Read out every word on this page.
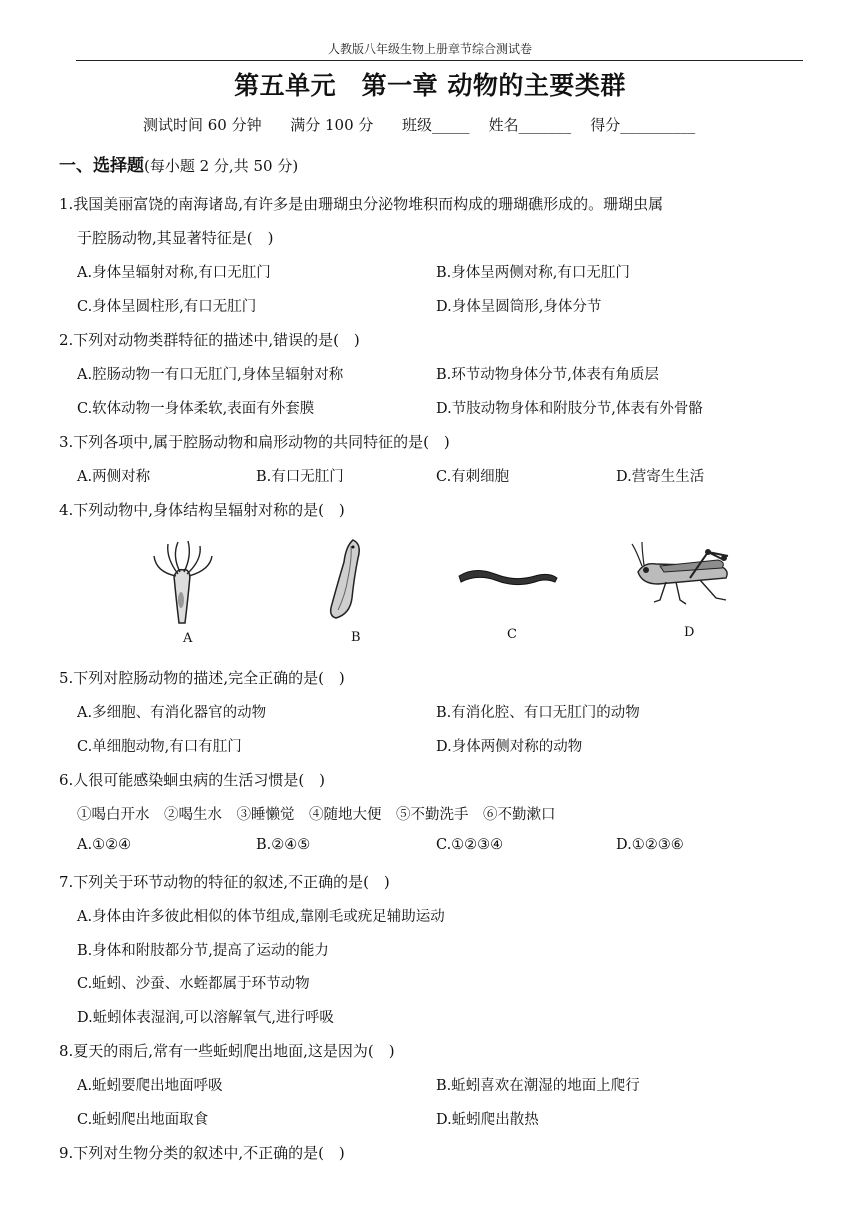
人教版八年级生物上册章节综合测试卷
第五单元　第一章 动物的主要类群
测试时间 60 分钟
满分 100 分
班级_____
姓名_______
得分__________
一、选择题(每小题 2 分,共 50 分)
1.我国美丽富饶的南海诸岛,有许多是由珊瑚虫分泌物堆积而构成的珊瑚礁形成的。珊瑚虫属
于腔肠动物,其显著特征是(　)
A.身体呈辐射对称,有口无肛门	B.身体呈两侧对称,有口无肛门
C.身体呈圆柱形,有口无肛门	D.身体呈圆筒形,身体分节
2.下列对动物类群特征的描述中,错误的是(　)
A.腔肠动物一有口无肛门,身体呈辐射对称	B.环节动物身体分节,体表有角质层
C.软体动物一身体柔软,表面有外套膜	D.节肢动物身体和附肢分节,体表有外骨骼
3.下列各项中,属于腔肠动物和扁形动物的共同特征的是(　)
A.两侧对称	B.有口无肛门	C.有刺细胞	D.营寄生生活
4.下列动物中,身体结构呈辐射对称的是(　)
A	B	C	D
5.下列对腔肠动物的描述,完全正确的是(　)
A.多细胞、有消化器官的动物	B.有消化腔、有口无肛门的动物
C.单细胞动物,有口有肛门	D.身体两侧对称的动物
6.人很可能感染蛔虫病的生活习惯是(　)
①喝白开水　②喝生水　③睡懒觉　④随地大便　⑤不勤洗手　⑥不勤漱口
A.①②④	B.②④⑤	C.①②③④	D.①②③⑥
7.下列关于环节动物的特征的叙述,不正确的是(　)
A.身体由许多彼此相似的体节组成,靠刚毛或疣足辅助运动
B.身体和附肢都分节,提高了运动的能力
C.蚯蚓、沙蚕、水蛭都属于环节动物
D.蚯蚓体表湿润,可以溶解氧气,进行呼吸
8.夏天的雨后,常有一些蚯蚓爬出地面,这是因为(　)
A.蚯蚓要爬出地面呼吸	B.蚯蚓喜欢在潮湿的地面上爬行
C.蚯蚓爬出地面取食	D.蚯蚓爬出散热
9.下列对生物分类的叙述中,不正确的是(　)
